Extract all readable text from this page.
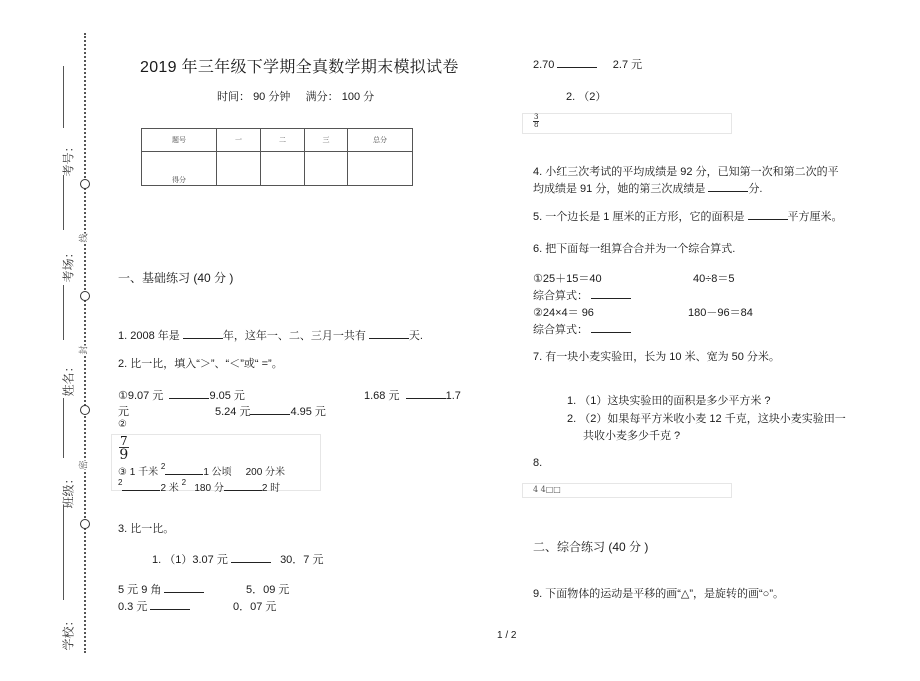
线
封
密
考号：
考场：
姓名：
班级：
学校：
2019 年三年级下学期全真数学期末模拟试卷
时间： 90 分钟 满分： 100 分
题号	一	二	三	总分
得分				
一、基础练习 (40 分 )
1. 2008 年是	年，这年一、二、三月一共有	天.
2. 比一比，填入“＞”、“＜”或“ =”。
①9.07 元	9.05 元	1.68 元	1.7
元	5.24 元	4.95 元
②
$\frac{7}{9}$
③ 1 千米 $^2$1 公顷 200 分米
$^2$2 米 $^2$   180 分	2 时
3. 比一比。
1. （1）3.07 元	30．7 元
5 元 9 角	5．09 元
0.3 元	0．07 元
2.70	2.7 元
2. （2）
$\frac{3}{8}$
4. 小红三次考试的平均成绩是 92 分，已知第一次和第二次的平
均成绩是 91 分，她的第三次成绩是	分.
5. 一个边长是 1 厘米的正方形，它的面积是	平方厘米。
6. 把下面每一组算合合并为一个综合算式.
①25＋15＝40	40÷8＝5
综合算式：
②24×4＝ 96	180－96＝84
综合算式：
7. 有一块小麦实验田，长为 10 米、宽为 50 分米。
1. （1）这块实验田的面积是多少平方米 ?
2. （2）如果每平方米收小麦 12 千克，这块小麦实验田一
共收小麦多少千克 ?
8.
4 4□□
二、综合练习 (40 分 )
9. 下面物体的运动是平移的画“△”，是旋转的画“○”。
1 / 2
